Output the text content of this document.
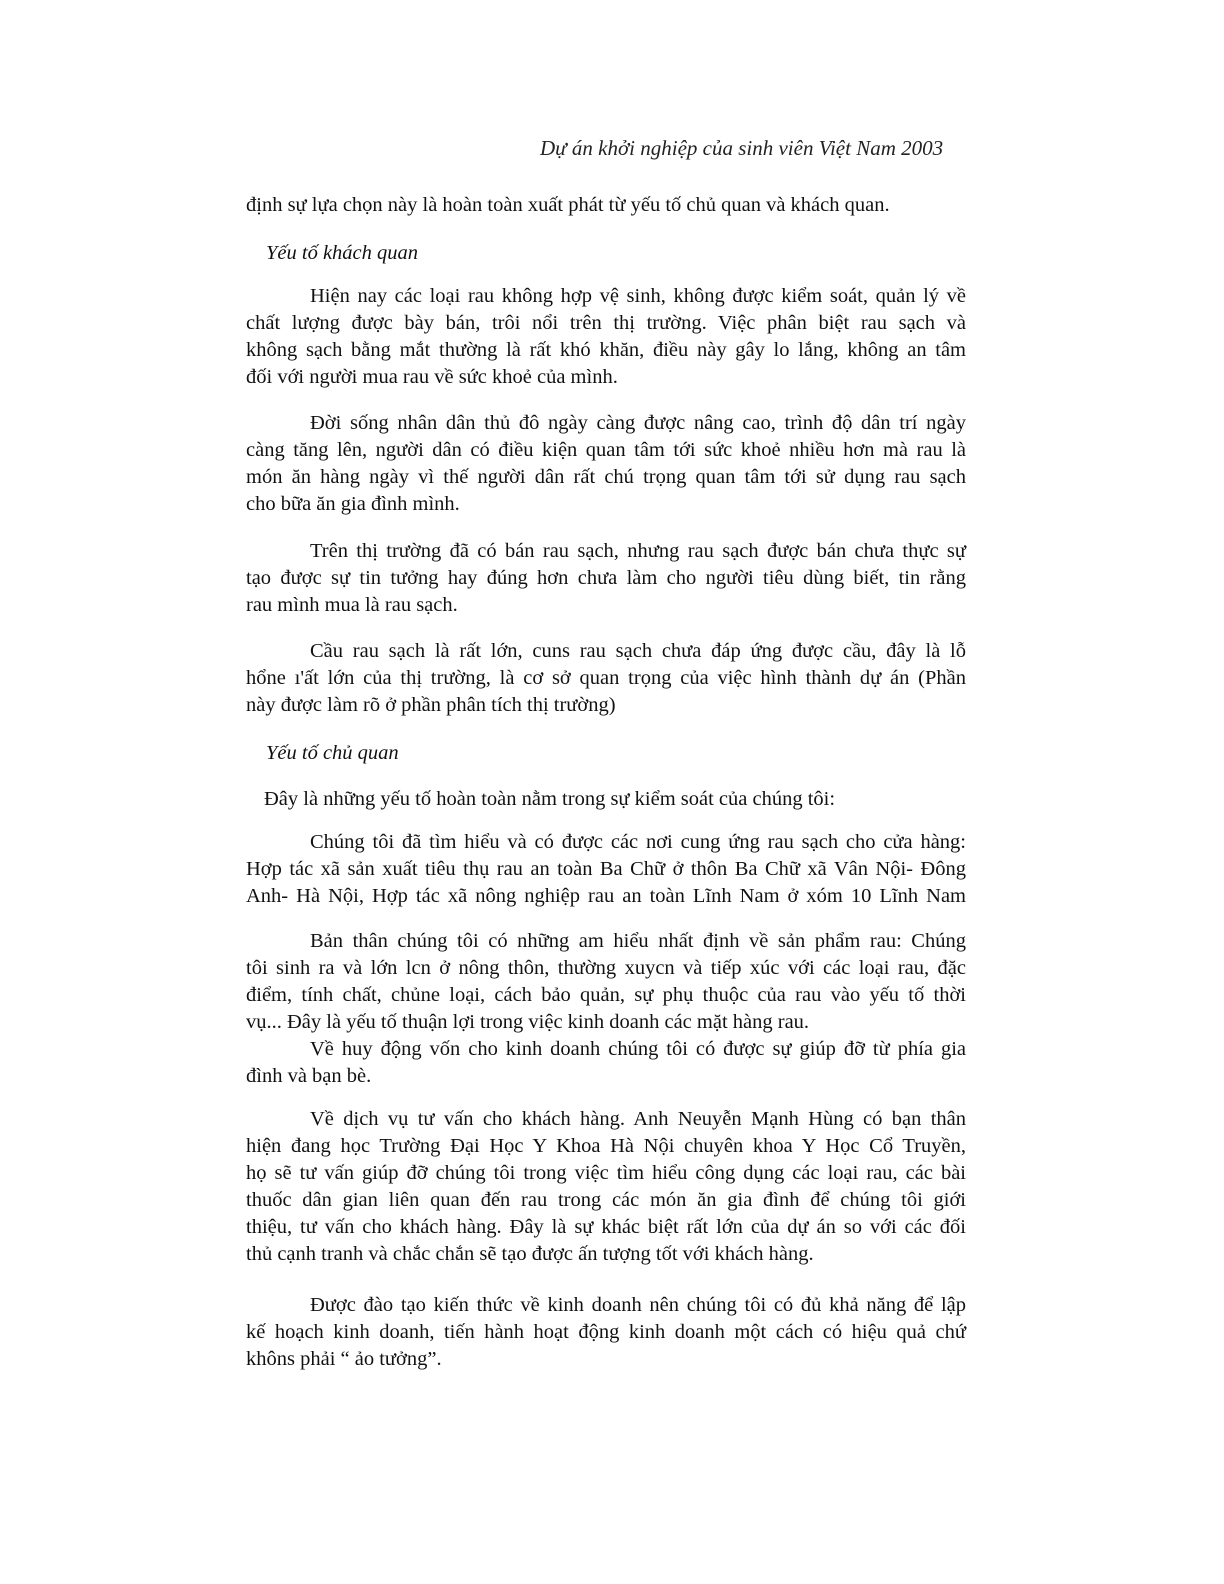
Dự án khởi nghiệp của sinh viên Việt Nam 2003
định sự lựa chọn này là hoàn toàn xuất phát từ yếu tố chủ quan và khách quan.
Yếu tố khách quan
Hiện nay các loại rau không hợp vệ sinh, không được kiểm soát, quản lý về
chất lượng được bày bán, trôi nổi trên thị trường. Việc phân biệt rau sạch và
không sạch bằng mắt thường là rất khó khăn, điều này gây lo lắng, không an tâm
đối với người mua rau về sức khoẻ của mình.
Đời sống nhân dân thủ đô ngày càng được nâng cao, trình độ dân trí ngày
càng tăng lên, người dân có điều kiện quan tâm tới sức khoẻ nhiều hơn mà rau là
món ăn hàng ngày vì thế người dân rất chú trọng quan tâm tới sử dụng rau sạch
cho bữa ăn gia đình mình.
Trên thị trường đã có bán rau sạch, nhưng rau sạch được bán chưa thực sự
tạo được sự tin tưởng hay đúng hơn chưa làm cho người tiêu dùng biết, tin rằng
rau mình mua là rau sạch.
Cầu rau sạch là rất lớn, cuns rau sạch chưa đáp ứng được cầu, đây là lỗ
hổne ı'ất lớn của thị trường, là cơ sở quan trọng của việc hình thành dự án (Phần
này được làm rõ ở phần phân tích thị trường)
Yếu tố chủ quan
Đây là những yếu tố hoàn toàn nằm trong sự kiểm soát của chúng tôi:
Chúng tôi đã tìm hiểu và có được các nơi cung ứng rau sạch cho cửa hàng:
Hợp tác xã sản xuất tiêu thụ rau an toàn Ba Chữ ở thôn Ba Chữ xã Vân Nội- Đông
Anh- Hà Nội, Hợp tác xã nông nghiệp rau an toàn Lĩnh Nam ở xóm 10 Lĩnh Nam
Bản thân chúng tôi có những am hiểu nhất định về sản phẩm rau: Chúng
tôi sinh ra và lớn lcn ở nông thôn, thường xuycn và tiếp xúc với các loại rau, đặc
điểm, tính chất, chủne loại, cách bảo quản, sự phụ thuộc của rau vào yếu tố thời
vụ... Đây là yếu tố thuận lợi trong việc kinh doanh các mặt hàng rau.
Về huy động vốn cho kinh doanh chúng tôi có được sự giúp đỡ từ phía gia
đình và bạn bè.
Về dịch vụ tư vấn cho khách hàng. Anh Neuyễn Mạnh Hùng có bạn thân
hiện đang học Trường Đại Học Y Khoa Hà Nội chuyên khoa Y Học Cổ Truyền,
họ sẽ tư vấn giúp đỡ chúng tôi trong việc tìm hiểu công dụng các loại rau, các bài
thuốc dân gian liên quan đến rau trong các món ăn gia đình để chúng tôi giới
thiệu, tư vấn cho khách hàng. Đây là sự khác biệt rất lớn của dự án so với các đối
thủ cạnh tranh và chắc chắn sẽ tạo được ấn tượng tốt với khách hàng.
Được đào tạo kiến thức về kinh doanh nên chúng tôi có đủ khả năng để lập
kế hoạch kinh doanh, tiến hành hoạt động kinh doanh một cách có hiệu quả chứ
khôns phải “ ảo tưởng”.
